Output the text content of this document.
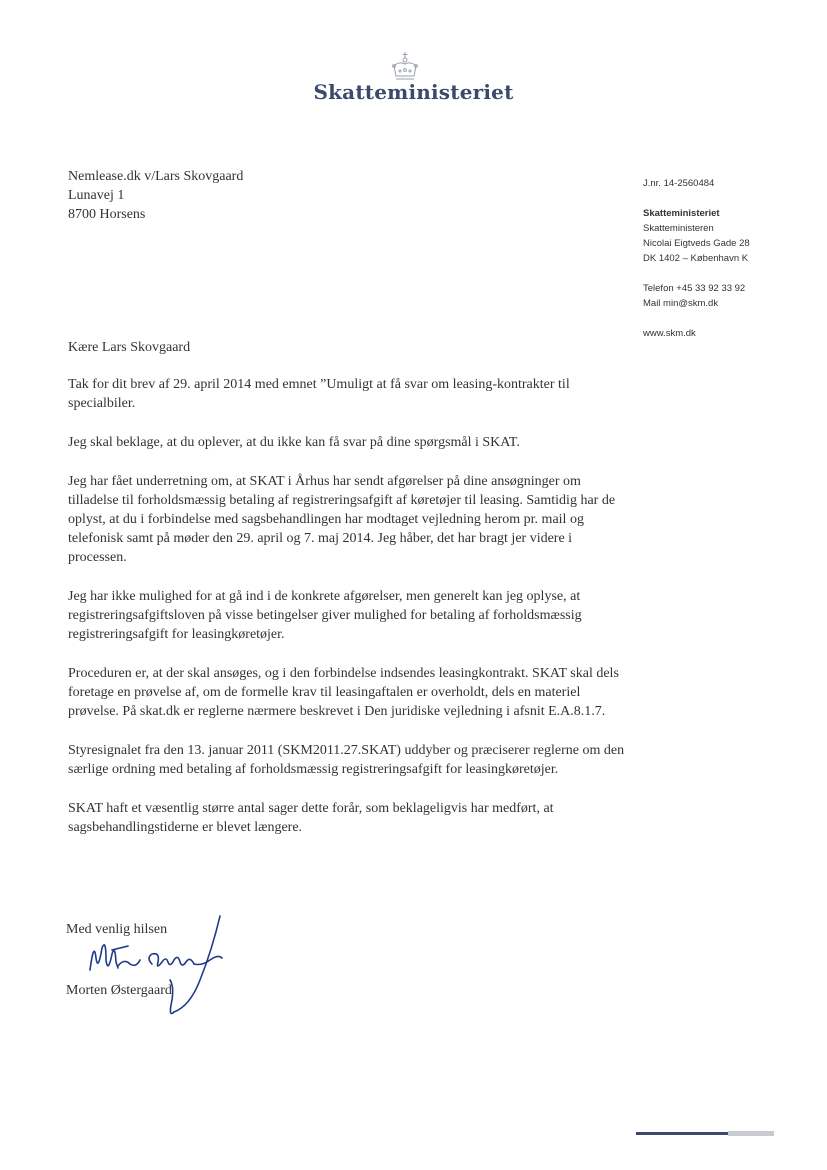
Skatteministeriet
Nemlease.dk v/Lars Skovgaard
Lunavej 1
8700 Horsens
J.nr. 14-2560484
Skatteministeriet
Skatteministeren
Nicolai Eigtveds Gade 28
DK 1402 – København K
Telefon +45 33 92 33 92
Mail min@skm.dk
www.skm.dk

Kære Lars Skovgaard

Tak for dit brev af 29. april 2014 med emnet ”Umuligt at få svar om leasing-kontrakter til specialbiler.

Jeg skal beklage, at du oplever, at du ikke kan få svar på dine spørgsmål i SKAT.

Jeg har fået underretning om, at SKAT i Århus har sendt afgørelser på dine ansøgninger om tilladelse til forholdsmæssig betaling af registreringsafgift af køretøjer til leasing. Samtidig har de oplyst, at du i forbindelse med sagsbehandlingen har modtaget vejledning herom pr. mail og telefonisk samt på møder den 29. april og 7. maj 2014. Jeg håber, det har bragt jer videre i processen.

Jeg har ikke mulighed for at gå ind i de konkrete afgørelser, men generelt kan jeg oplyse, at registreringsafgiftsloven på visse betingelser giver mulighed for betaling af forholdsmæssig registreringsafgift for leasingkøretøjer.

Proceduren er, at der skal ansøges, og i den forbindelse indsendes leasingkontrakt. SKAT skal dels foretage en prøvelse af, om de formelle krav til leasingaftalen er overholdt, dels en materiel prøvelse. På skat.dk er reglerne nærmere beskrevet i Den juridiske vejledning i afsnit E.A.8.1.7.

Styresignalet fra den 13. januar 2011 (SKM2011.27.SKAT) uddyber og præciserer reglerne om den særlige ordning med betaling af forholdsmæssig registreringsafgift for leasingkøretøjer.

SKAT haft et væsentlig større antal sager dette forår, som beklageligvis har medført, at sagsbehandlingstiderne er blevet længere.

Med venlig hilsen
Morten Østergaard
